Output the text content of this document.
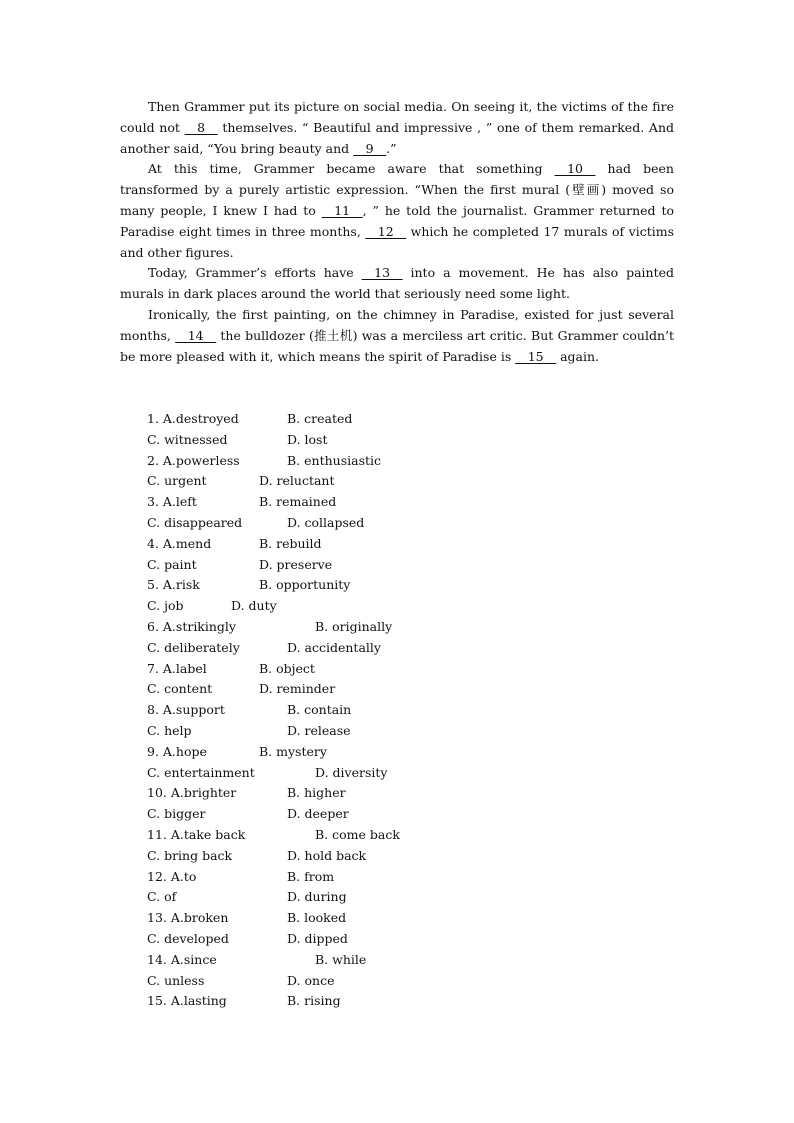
Then Grammer put its picture on social media. On seeing it, the victims of the fire could not __8__ themselves. “ Beautiful and impressive , ” one of them remarked. And another said, “You bring beauty and __9__.”

At this time, Grammer became aware that something __10__ had been transformed by a purely artistic expression. “When the first mural (壁画) moved so many people, I knew I had to __11__, ” he told the journalist. Grammer returned to Paradise eight times in three months, __12__ which he completed 17 murals of victims and other figures.

Today, Grammer’s efforts have __13__ into a movement. He has also painted murals in dark places around the world that seriously need some light.

Ironically, the first painting, on the chimney in Paradise, existed for just several months, __14__ the bulldozer (推土机) was a merciless art critic. But Grammer couldn’t be more pleased with it, which means the spirit of Paradise is __15__ again.

1. A.destroyed	B. created
C. witnessed	D. lost
2. A.powerless	B. enthusiastic
C. urgent	D. reluctant
3. A.left	B. remained
C. disappeared	D. collapsed
4. A.mend	B. rebuild
C. paint	D. preserve
5. A.risk	B. opportunity
C. job	D. duty
6. A.strikingly	B. originally
C. deliberately	D. accidentally
7. A.label	B. object
C. content	D. reminder
8. A.support	B. contain
C. help	D. release
9. A.hope	B. mystery
C. entertainment	D. diversity
10. A.brighter	B. higher
C. bigger	D. deeper
11. A.take back	B. come back
C. bring back	D. hold back
12. A.to	B. from
C. of	D. during
13. A.broken	B. looked
C. developed	D. dipped
14. A.since	B. while
C. unless	D. once
15. A.lasting	B. rising
